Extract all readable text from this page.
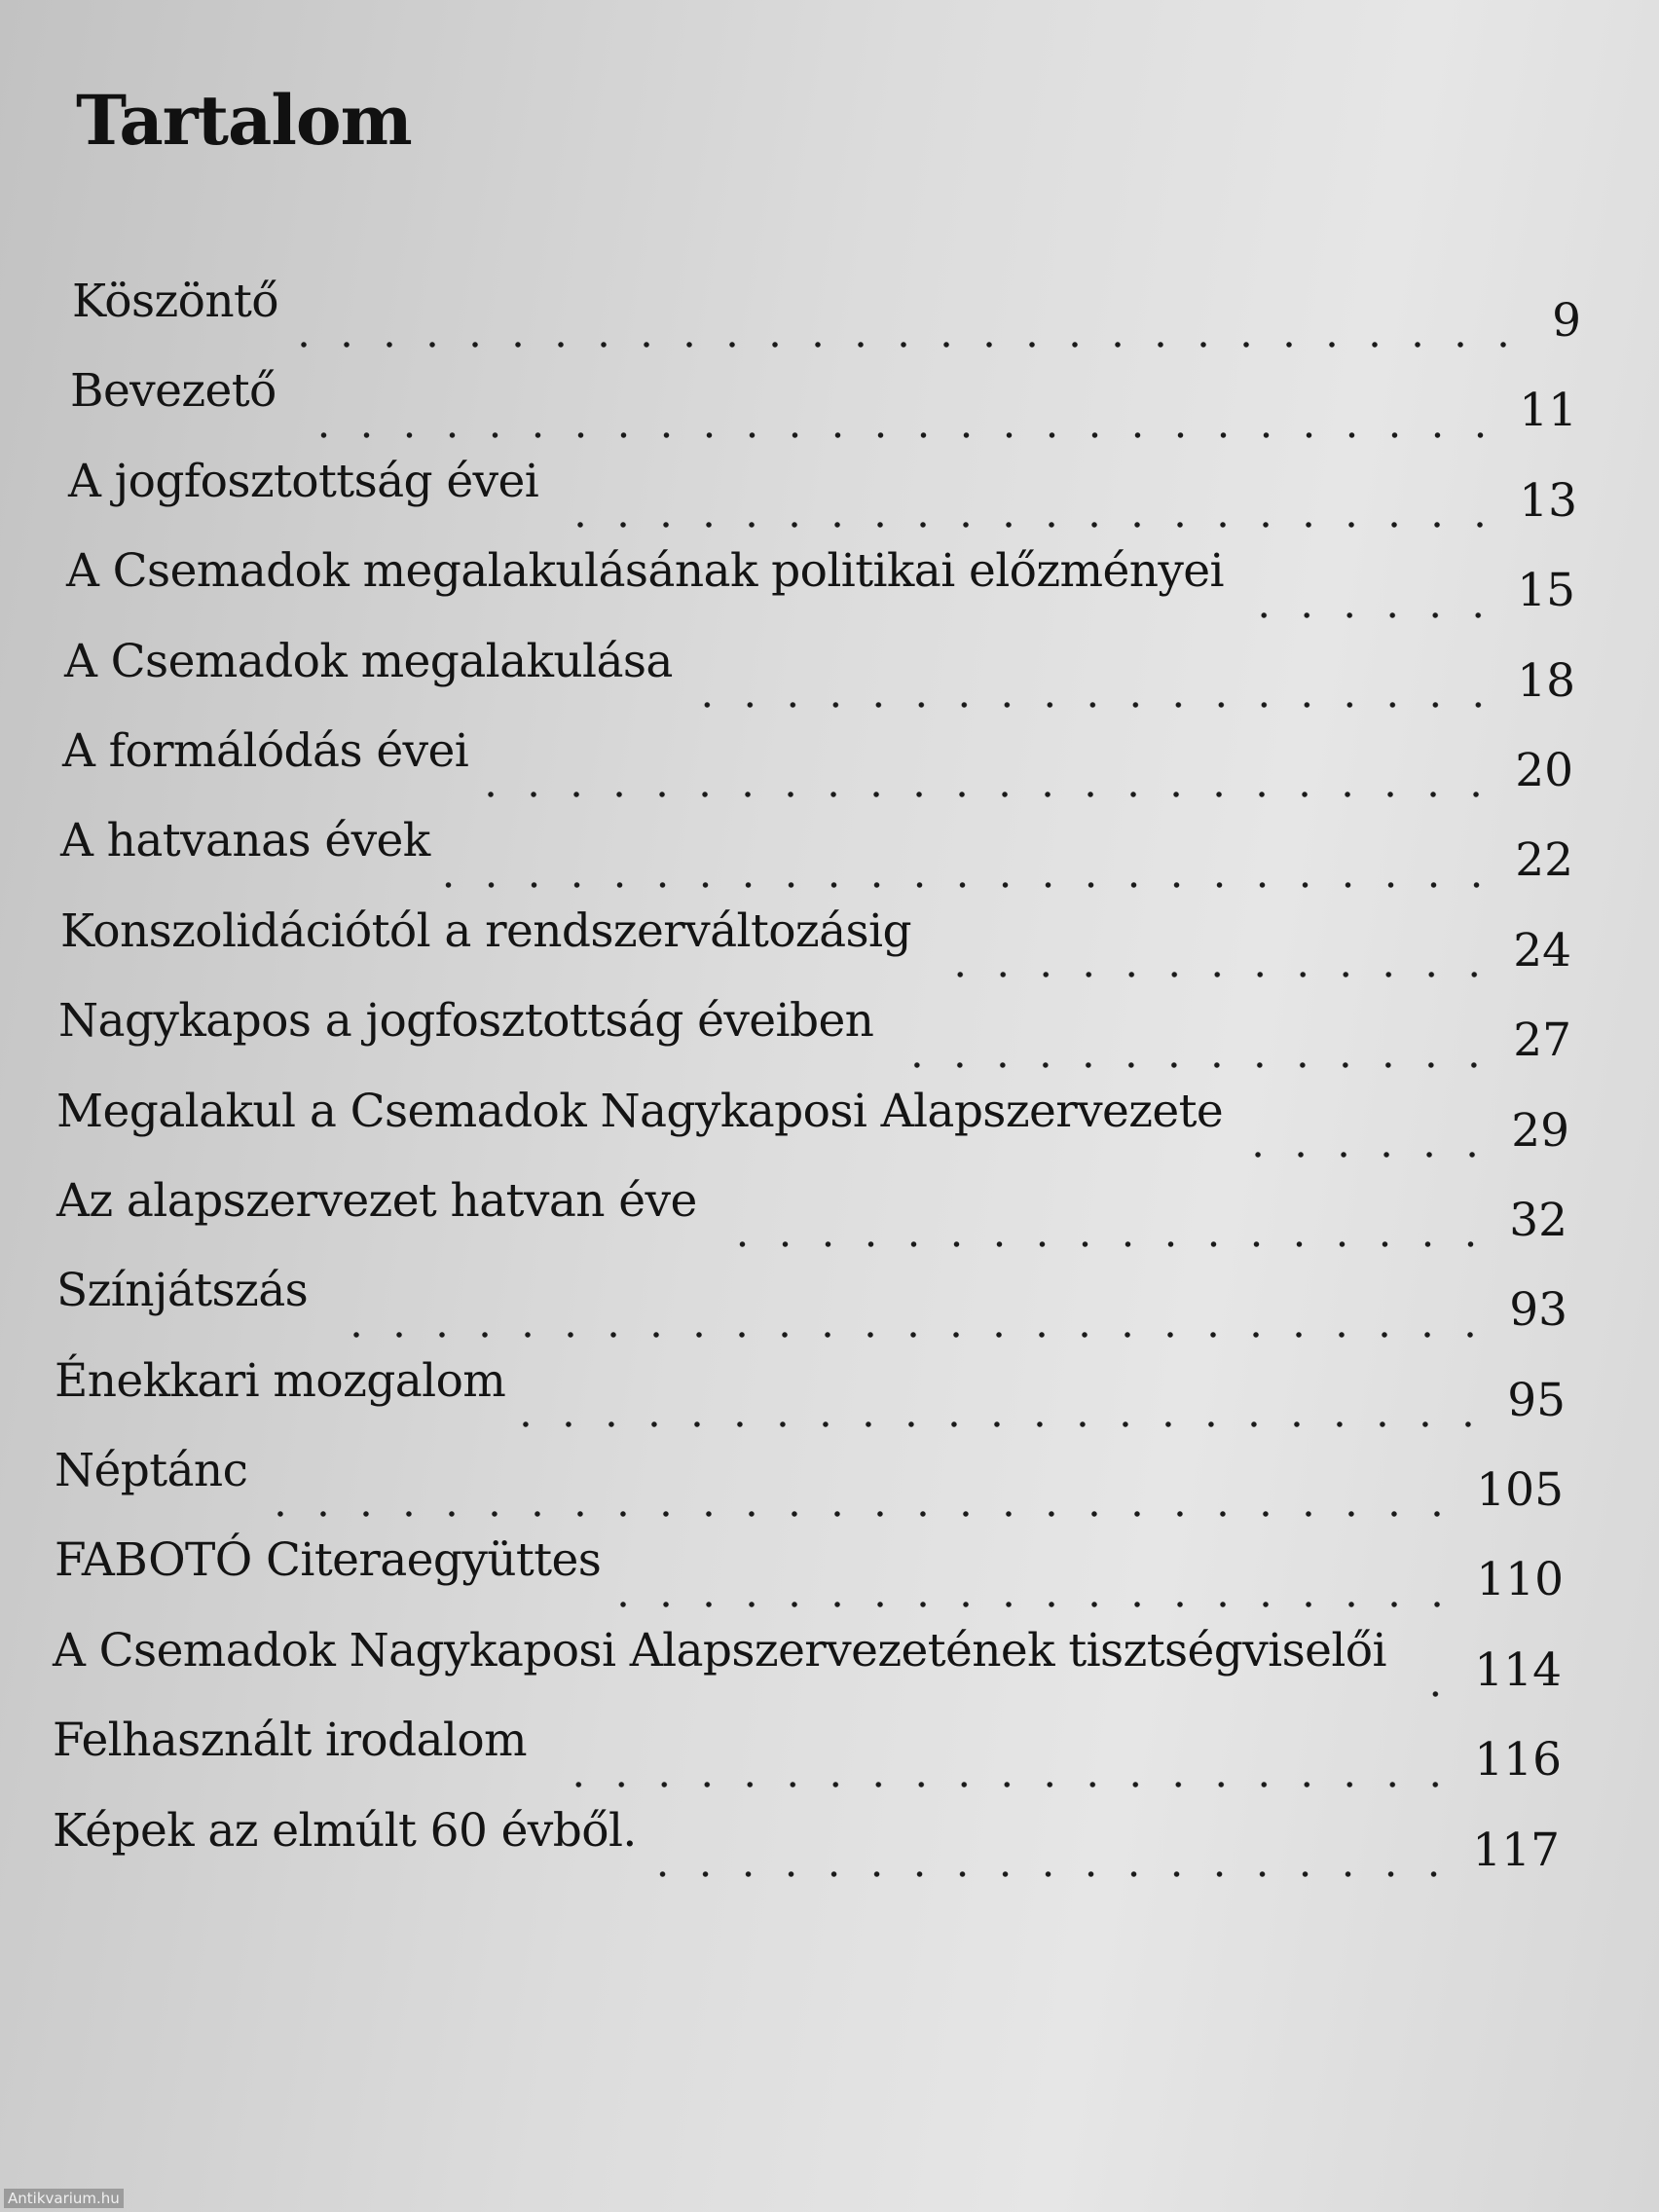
Tartalom
Köszöntő	9
Bevezető	11
A jogfosztottság évei	13
A Csemadok megalakulásának politikai előzményei	15
A Csemadok megalakulása	18
A formálódás évei	20
A hatvanas évek	22
Konszolidációtól a rendszerváltozásig	24
Nagykapos a jogfosztottság éveiben	27
Megalakul a Csemadok Nagykaposi Alapszervezete	29
Az alapszervezet hatvan éve	32
Színjátszás	93
Énekkari mozgalom	95
Néptánc	105
FABOTÓ Citeraegyüttes	110
A Csemadok Nagykaposi Alapszervezetének tisztségviselői 114
Felhasznált irodalom	116
Képek az elmúlt 60 évből.	117
Antikvarium.hu
